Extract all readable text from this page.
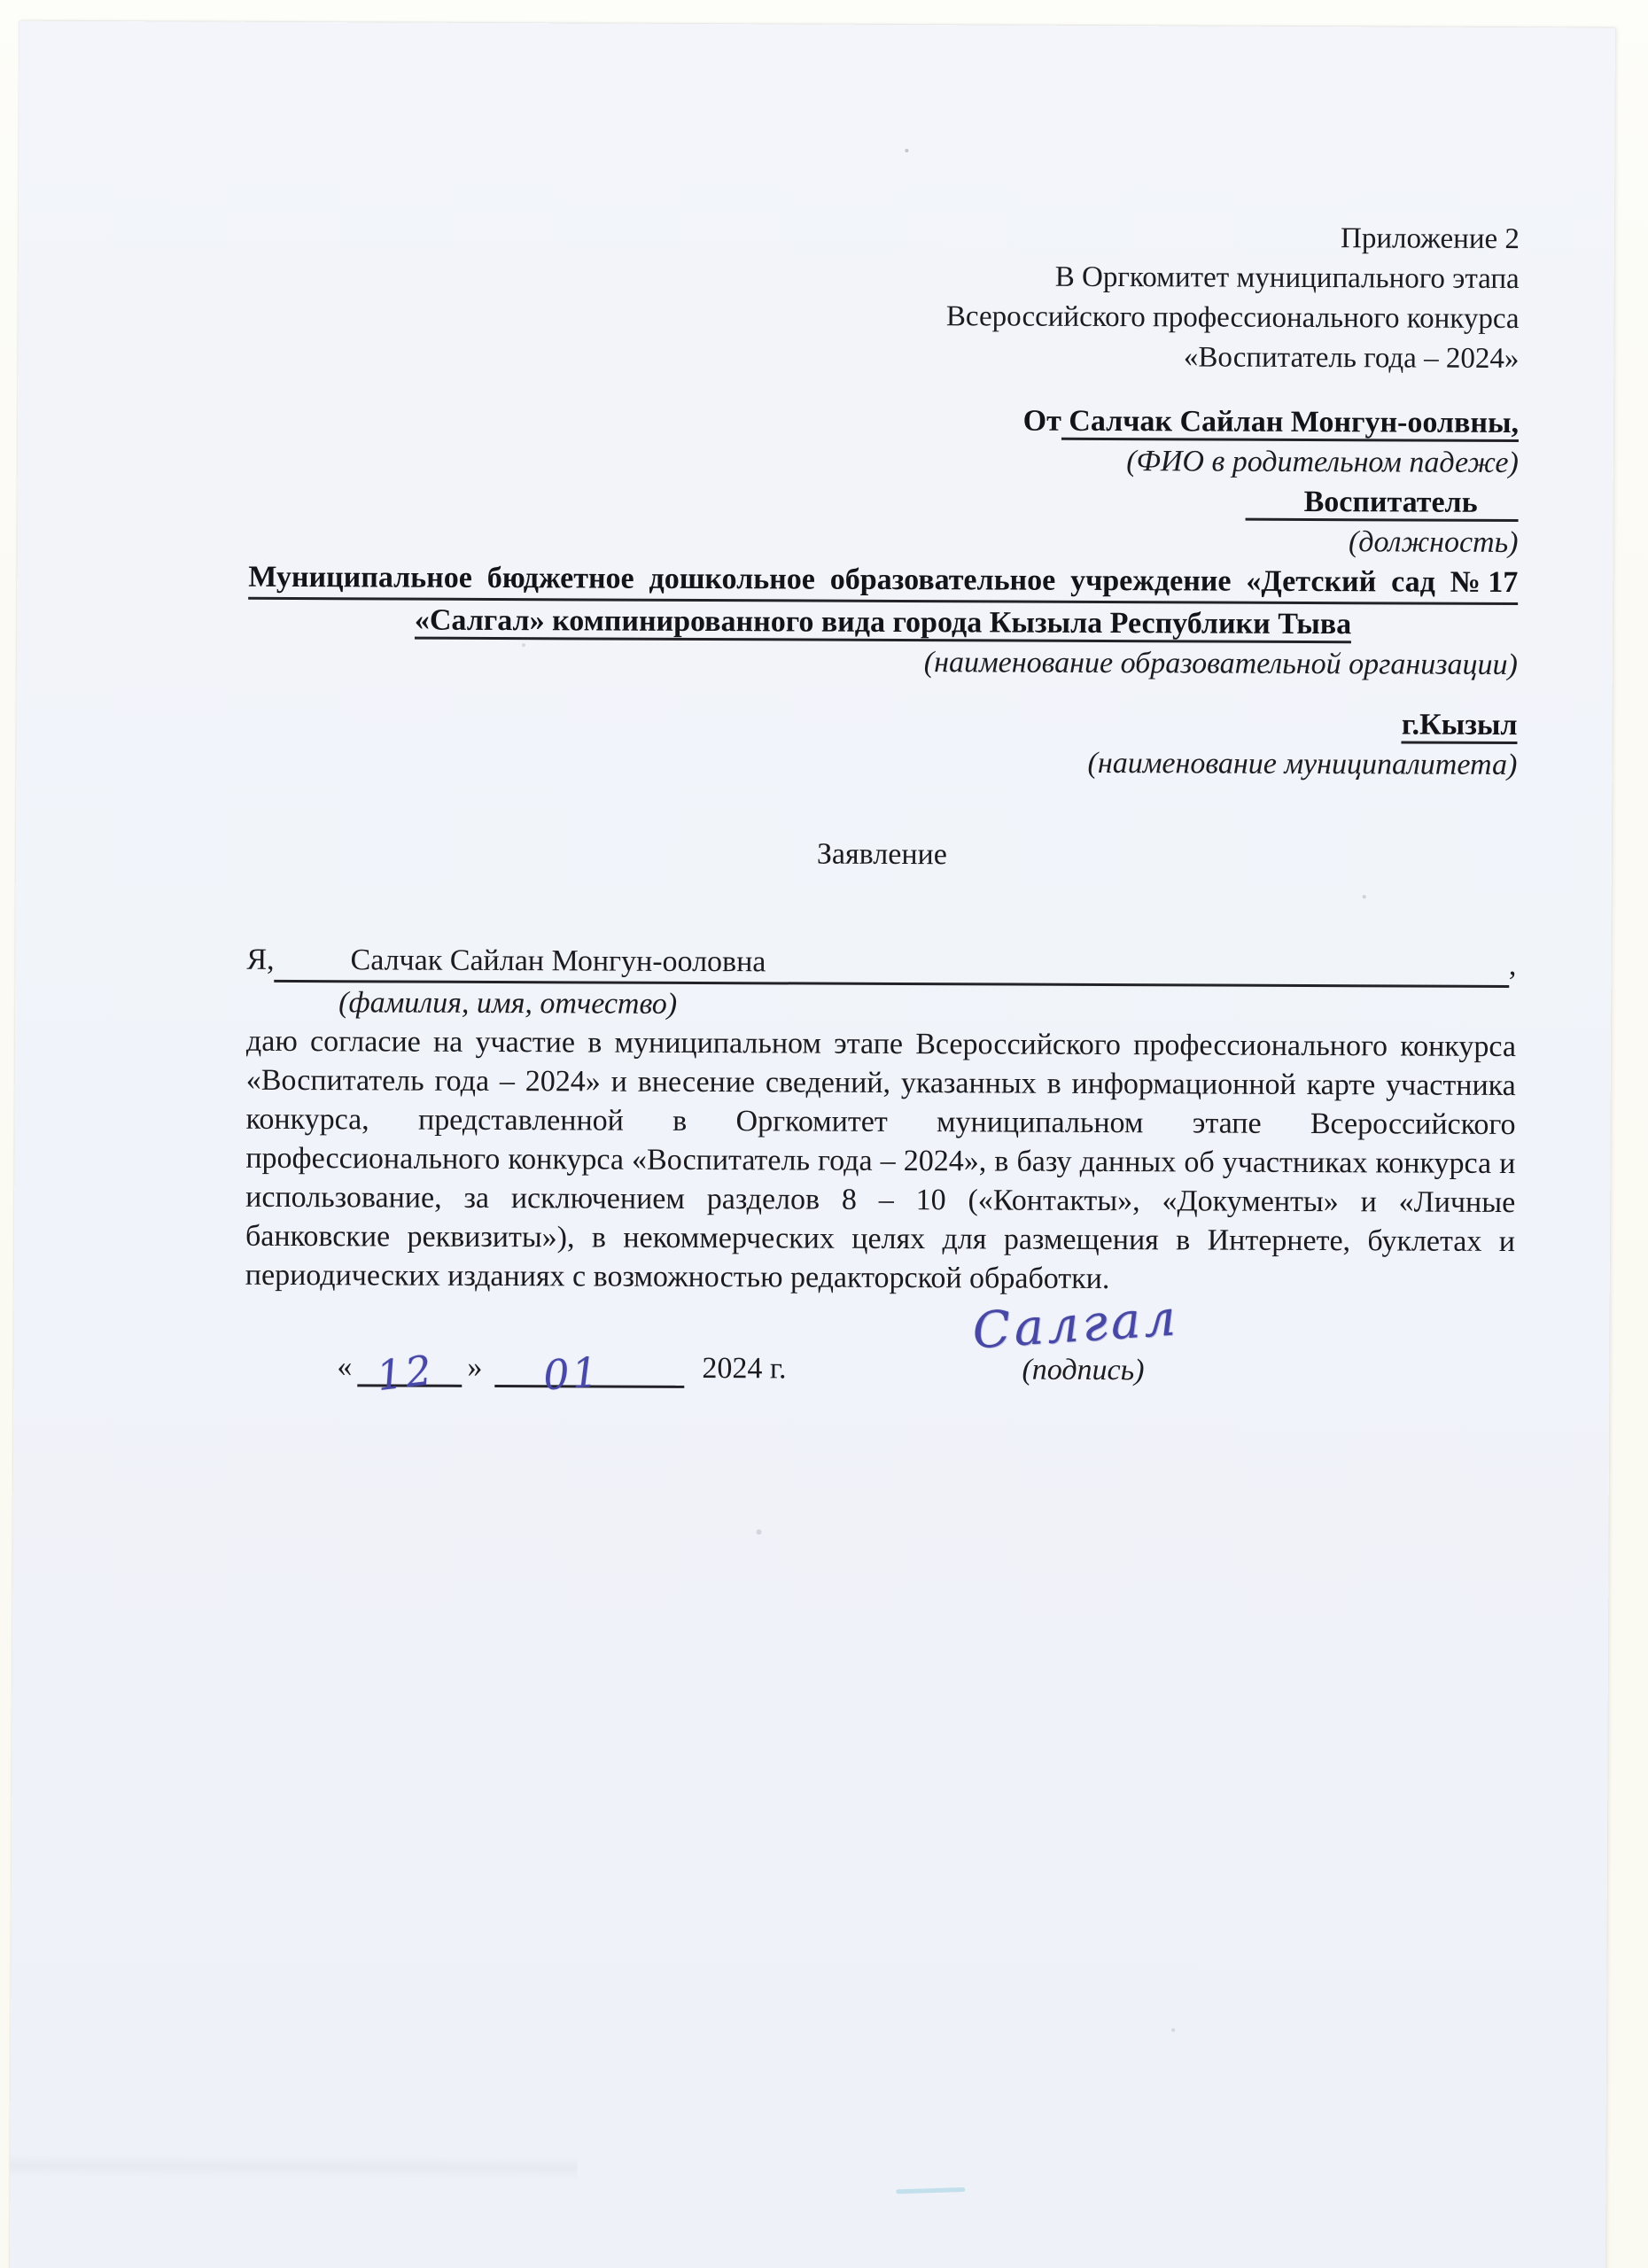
Приложение 2
В Оргкомитет муниципального этапа
Всероссийского профессионального конкурса
«Воспитатель года – 2024»
От Салчак Сайлан Монгун-оолвны,
(ФИО в родительном падеже)
Воспитатель
(должность)
Муниципальное бюджетное дошкольное образовательное учреждение «Детский сад №17
«Салгал» компинированного вида города Кызыла Республики Тыва
(наименование образовательной организации)
г.Кызыл
(наименование муниципалитета)
Заявление
Я,	Салчак Сайлан Монгун-ооловна	,
(фамилия, имя, отчество)
даю согласие на участие в муниципальном этапе Всероссийского профессионального конкурса «Воспитатель года – 2024» и внесение сведений, указанных в информационной карте участника конкурса, представленной в Оргкомитет муниципальном этапе Всероссийского профессионального конкурса «Воспитатель года – 2024», в базу данных об участниках конкурса и использование, за исключением разделов 8 – 10 («Контакты», «Документы» и «Личные банковские реквизиты»), в некоммерческих целях для размещения в Интернете, буклетах и периодических изданиях с возможностью редакторской обработки.
« 12 » 01	2024 г.
Салгал
(подпись)
